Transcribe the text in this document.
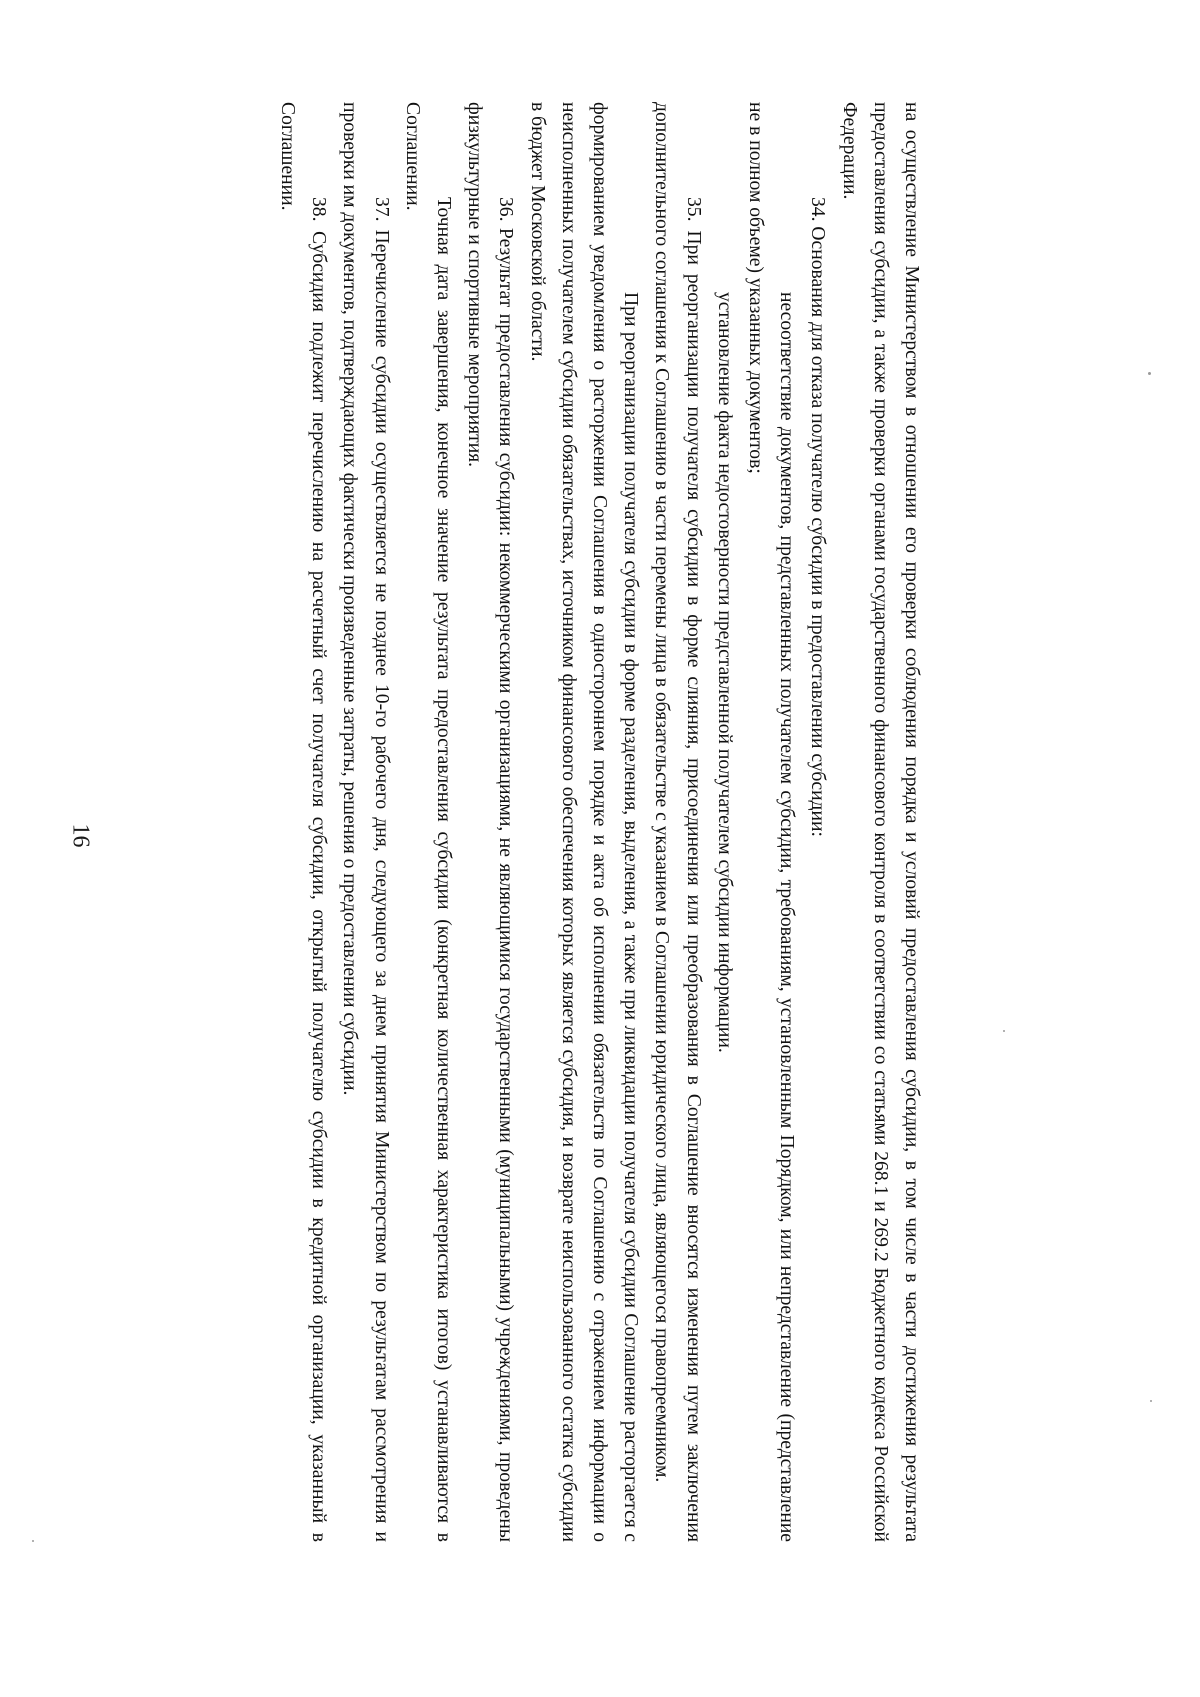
16	на осуществление Министерством в отношении его проверки соблюдения порядка и условий предоставления субсидии, в том числе в части достижения результата предоставления субсидии, а также проверки органами государственного финансового контроля в соответствии со статьями 268.1 и 269.2 Бюджетного кодекса Российской Федерации.

34. Основания для отказа получателю субсидии в предоставлении субсидии:

несоответствие документов, представленных получателем субсидии, требованиям, установленным Порядком, или непредставление (представление не в полном объеме) указанных документов;

установление факта недостоверности представленной получателем субсидии информации.

35. При реорганизации получателя субсидии в форме слияния, присоединения или преобразования в Соглашение вносятся изменения путем заключения дополнительного соглашения к Соглашению в части перемены лица в обязательстве с указанием в Соглашении юридического лица, являющегося правопреемником.

При реорганизации получателя субсидии в форме разделения, выделения, а также при ликвидации получателя субсидии Соглашение расторгается с формированием уведомления о расторжении Соглашения в одностороннем порядке и акта об исполнении обязательств по Соглашению с отражением информации о неисполненных получателем субсидии обязательствах, источником финансового обеспечения которых является субсидия, и возврате неиспользованного остатка субсидии в бюджет Московской области.

36. Результат предоставления субсидии: некоммерческими организациями, не являющимися государственными (муниципальными) учреждениями, проведены физкультурные и спортивные мероприятия.

Точная дата завершения, конечное значение результата предоставления субсидии (конкретная количественная характеристика итогов) устанавливаются в Соглашении.

37. Перечисление субсидии осуществляется не позднее 10-го рабочего дня, следующего за днем принятия Министерством по результатам рассмотрения и проверки им документов, подтверждающих фактически произведенные затраты, решения о предоставлении субсидии.

38. Субсидия подлежит перечислению на расчетный счет получателя субсидии, открытый получателю субсидии в кредитной организации, указанный в Соглашении.
